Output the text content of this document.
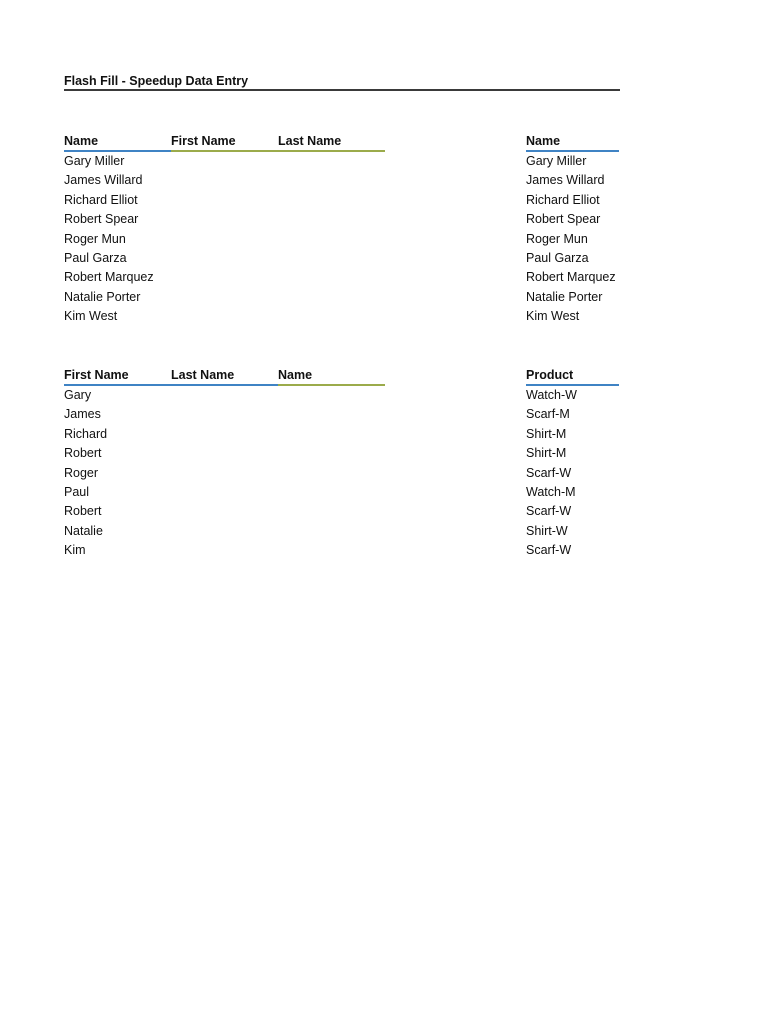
Flash Fill - Speedup Data Entry
Name	First Name	Last Name
Gary Miller
James Willard
Richard Elliot
Robert Spear
Roger Mun
Paul Garza
Robert Marquez
Natalie Porter
Kim West
Name
Gary Miller
James Willard
Richard Elliot
Robert Spear
Roger Mun
Paul Garza
Robert Marquez
Natalie Porter
Kim West
First Name	Last Name	Name
Gary
James
Richard
Robert
Roger
Paul
Robert
Natalie
Kim
Product
Watch-W
Scarf-M
Shirt-M
Shirt-M
Scarf-W
Watch-M
Scarf-W
Shirt-W
Scarf-W
